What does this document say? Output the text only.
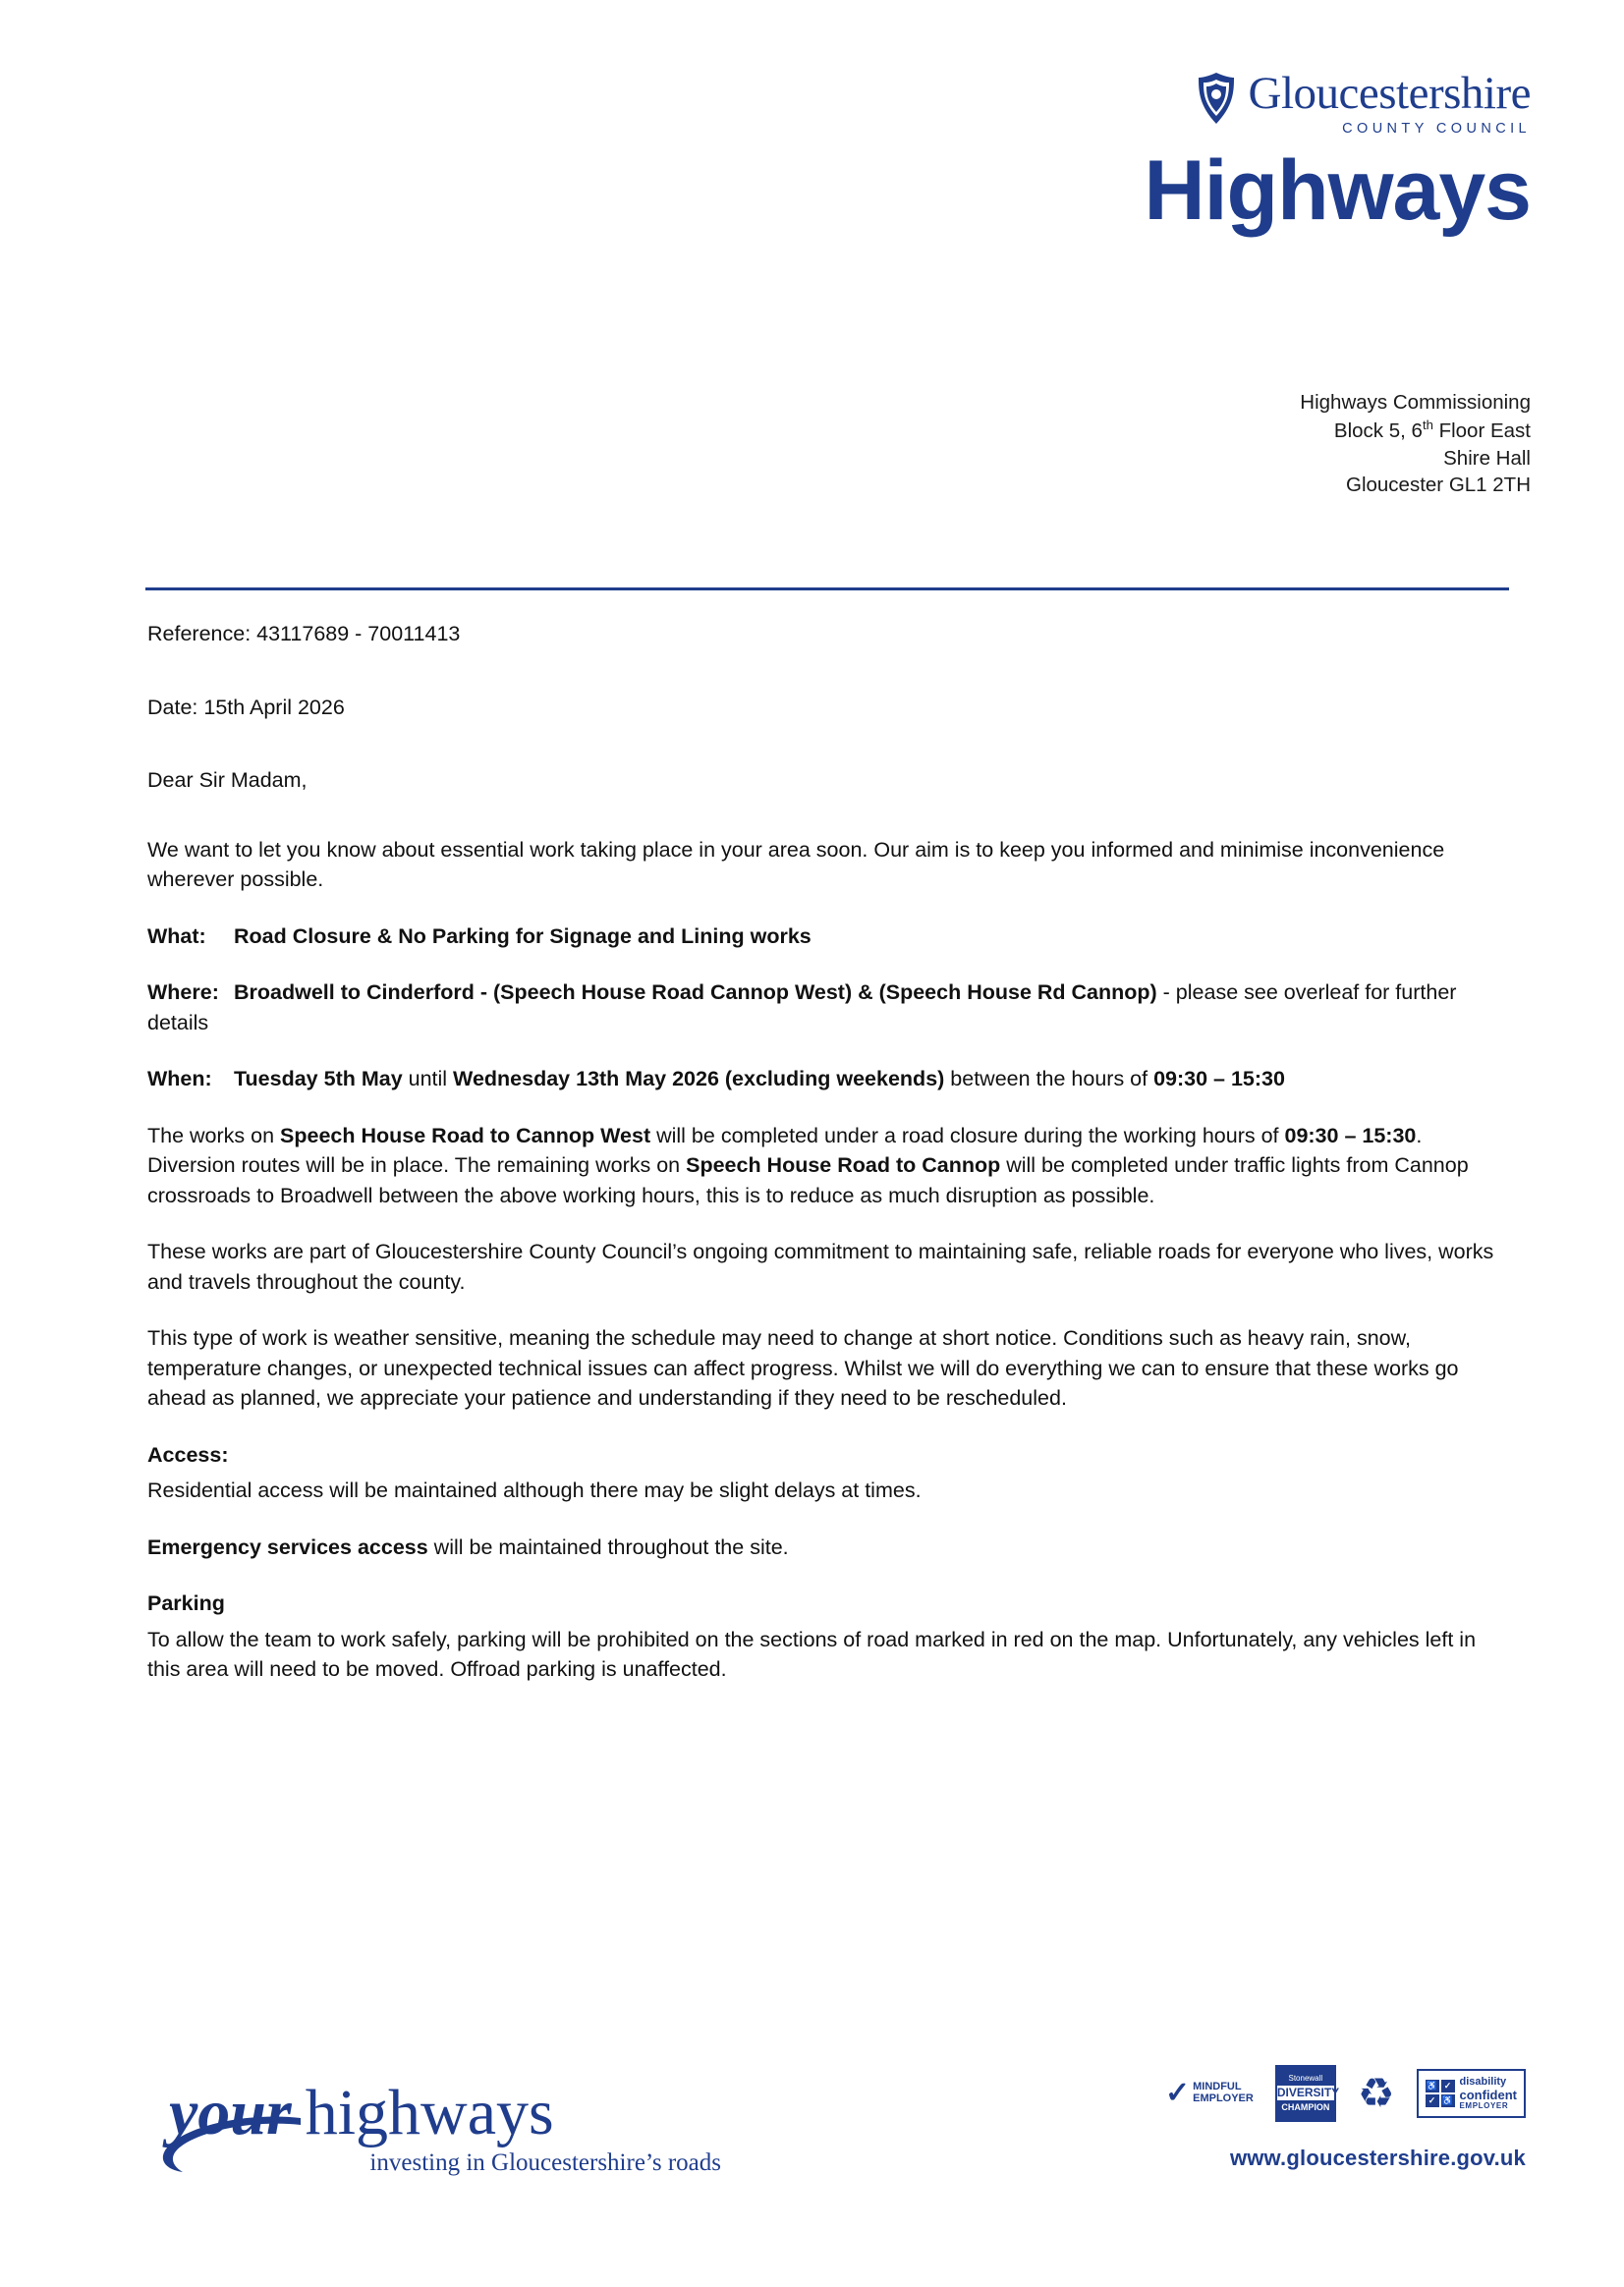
Gloucestershire
COUNTY COUNCIL
Highways
Highways Commissioning
Block 5, 6th Floor East
Shire Hall
Gloucester GL1 2TH

Reference: 43117689 - 70011413

Date: 15th April 2026

Dear Sir Madam,

We want to let you know about essential work taking place in your area soon. Our aim is to keep you informed and minimise inconvenience wherever possible.

What: Road Closure & No Parking for Signage and Lining works

Where: Broadwell to Cinderford - (Speech House Road Cannop West) & (Speech House Rd Cannop) - please see overleaf for further details

When: Tuesday 5th May until Wednesday 13th May 2026 (excluding weekends) between the hours of 09:30 – 15:30

The works on Speech House Road to Cannop West will be completed under a road closure during the working hours of 09:30 – 15:30. Diversion routes will be in place. The remaining works on Speech House Road to Cannop will be completed under traffic lights from Cannop crossroads to Broadwell between the above working hours, this is to reduce as much disruption as possible.

These works are part of Gloucestershire County Council’s ongoing commitment to maintaining safe, reliable roads for everyone who lives, works and travels throughout the county.

This type of work is weather sensitive, meaning the schedule may need to change at short notice. Conditions such as heavy rain, snow, temperature changes, or unexpected technical issues can affect progress. Whilst we will do everything we can to ensure that these works go ahead as planned, we appreciate your patience and understanding if they need to be rescheduled.

Access:

Residential access will be maintained although there may be slight delays at times.

Emergency services access will be maintained throughout the site.

Parking

To allow the team to work safely, parking will be prohibited on the sections of road marked in red on the map. Unfortunately, any vehicles left in this area will need to be moved. Offroad parking is unaffected.

your highways
investing in Gloucestershire’s roads
✓ MINDFUL
EMPLOYER
Stonewall
DIVERSITY
CHAMPION ♻	♿ ✓
✓ ♿
disability
confident
EMPLOYER
www.gloucestershire.gov.uk
